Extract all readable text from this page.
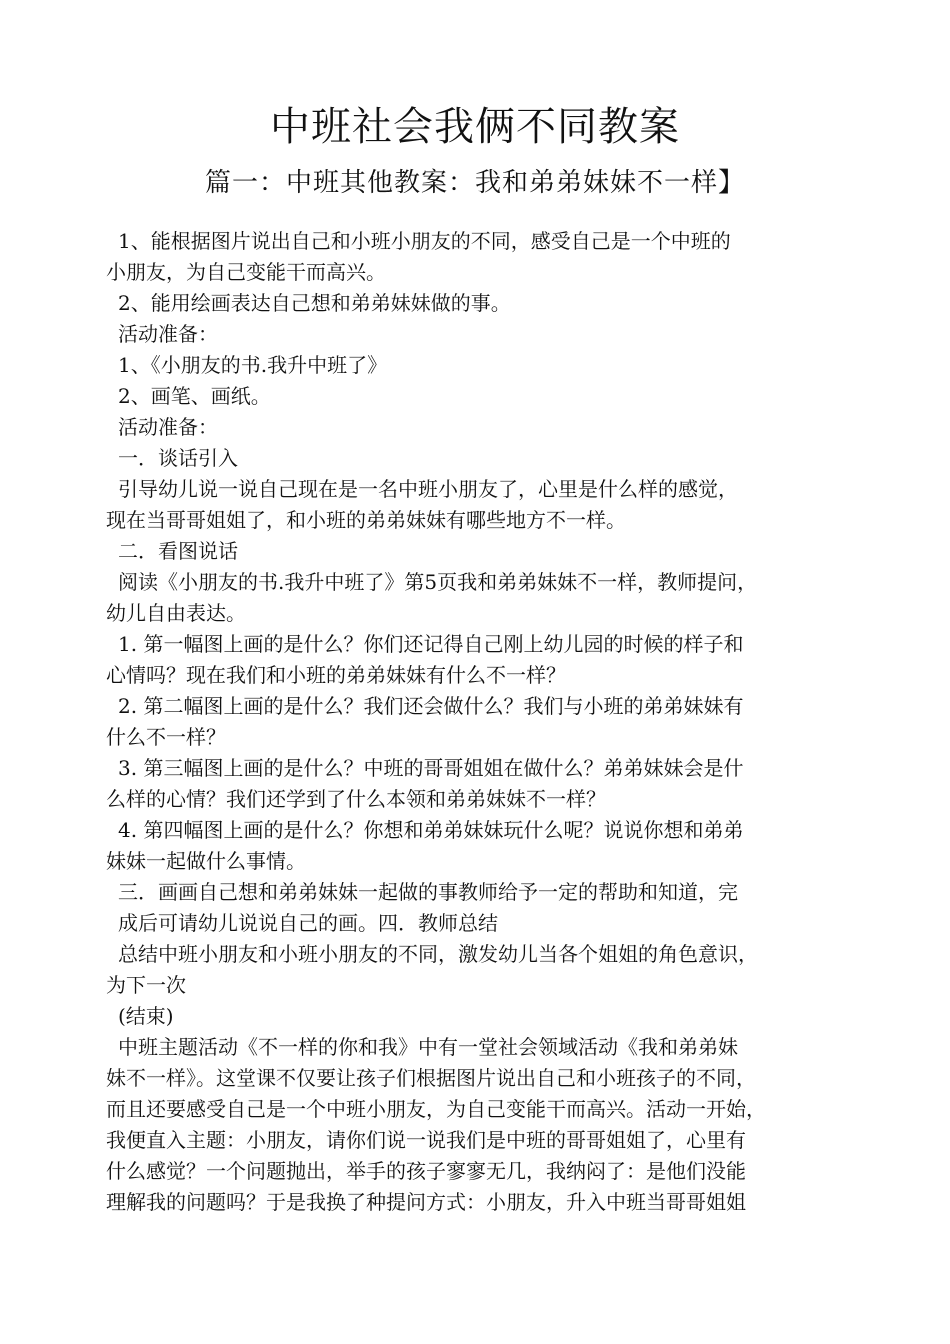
中班社会我俩不同教案
篇一：中班其他教案：我和弟弟妹妹不一样】

1、能根据图片说出自己和小班小朋友的不同，感受自己是一个中班的

小朋友，为自己变能干而高兴。

2、能用绘画表达自己想和弟弟妹妹做的事。

活动准备：

1、《小朋友的书.我升中班了》

2、画笔、画纸。

活动准备：

一．谈话引入

引导幼儿说一说自己现在是一名中班小朋友了，心里是什么样的感觉，

现在当哥哥姐姐了，和小班的弟弟妹妹有哪些地方不一样。

二．看图说话

阅读《小朋友的书.我升中班了》第5页我和弟弟妹妹不一样，教师提问，

幼儿自由表达。

1. 第一幅图上画的是什么？你们还记得自己刚上幼儿园的时候的样子和

心情吗？现在我们和小班的弟弟妹妹有什么不一样？

2. 第二幅图上画的是什么？我们还会做什么？我们与小班的弟弟妹妹有

什么不一样？

3. 第三幅图上画的是什么？中班的哥哥姐姐在做什么？弟弟妹妹会是什

么样的心情？我们还学到了什么本领和弟弟妹妹不一样？

4. 第四幅图上画的是什么？你想和弟弟妹妹玩什么呢？说说你想和弟弟

妹妹一起做什么事情。

三．画画自己想和弟弟妹妹一起做的事教师给予一定的帮助和知道，完

成后可请幼儿说说自己的画。四．教师总结

总结中班小朋友和小班小朋友的不同，激发幼儿当各个姐姐的角色意识，

为下一次

(结束)

中班主题活动《不一样的你和我》中有一堂社会领域活动《我和弟弟妹

妹不一样》。这堂课不仅要让孩子们根据图片说出自己和小班孩子的不同，

而且还要感受自己是一个中班小朋友，为自己变能干而高兴。活动一开始，

我便直入主题：小朋友，请你们说一说我们是中班的哥哥姐姐了，心里有

什么感觉？一个问题抛出，举手的孩子寥寥无几，我纳闷了：是他们没能

理解我的问题吗？于是我换了种提问方式：小朋友，升入中班当哥哥姐姐
